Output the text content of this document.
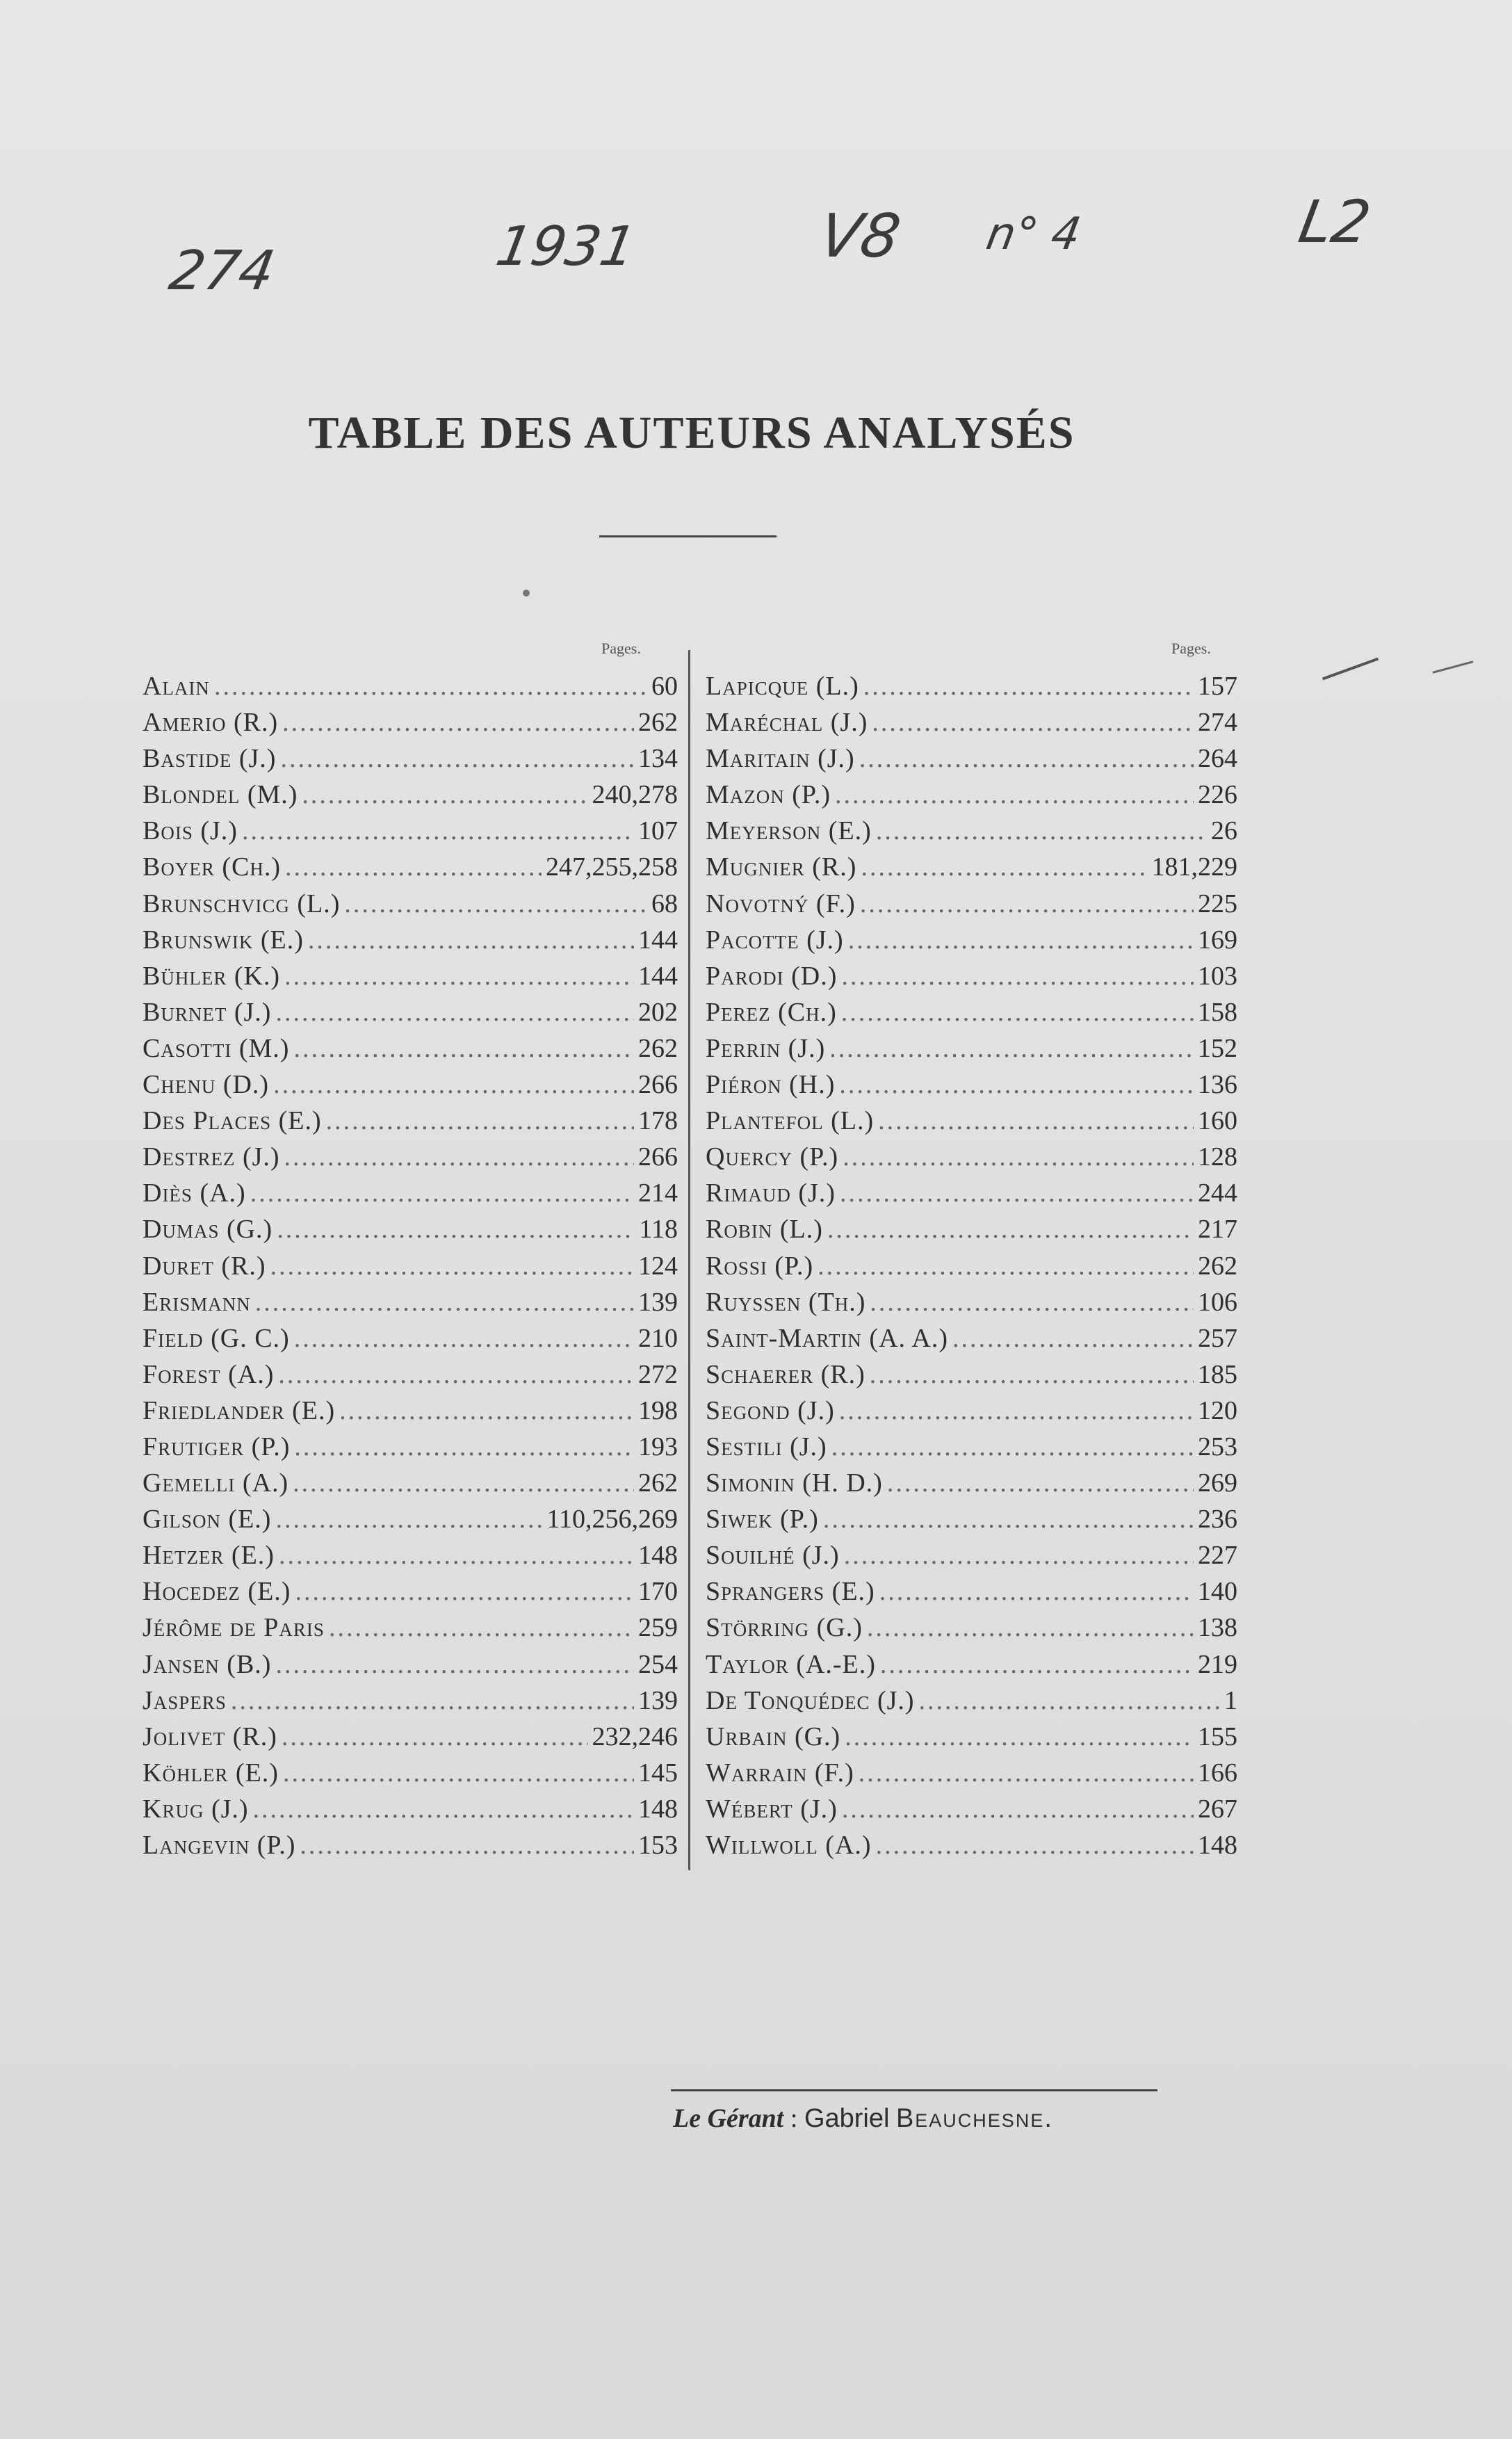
274	1931	V8 n° 4	L2
TABLE DES AUTEURS ANALYSÉS
Pages.	Pages.
Alain .....	60
Amerio (R.) .....	262
Bastide (J.) .....	134
Blondel (M.) .....	240,278
Bois (J.) .....	107
Boyer (Ch.) .....	247,255,258
Brunschvicg (L.) .....	68
Brunswik (E.) .....	144
Bühler (K.) .....	144
Burnet (J.) .....	202
Casotti (M.) .....	262
Chenu (D.) .....	266
Des Places (E.) .....	178
Destrez (J.) .....	266
Diès (A.) .....	214
Dumas (G.) .....	118
Duret (R.) .....	124
Erismann .....	139
Field (G. C.) .....	210
Forest (A.) .....	272
Friedlander (E.) .....	198
Frutiger (P.) .....	193
Gemelli (A.) .....	262
Gilson (E.) .....	110,256,269
Hetzer (E.) .....	148
Hocedez (E.) .....	170
Jérôme de Paris .....	259
Jansen (B.) .....	254
Jaspers .....	139
Jolivet (R.) .....	232,246
Köhler (E.) .....	145
Krug (J.) .....	148
Langevin (P.) .....	153
Lapicque (L.) .....	157
Maréchal (J.) .....	274
Maritain (J.) .....	264
Mazon (P.) .....	226
Meyerson (E.) .....	26
Mugnier (R.) .....	181,229
Novotný (F.) .....	225
Pacotte (J.) .....	169
Parodi (D.) .....	103
Perez (Ch.) .....	158
Perrin (J.) .....	152
Piéron (H.) .....	136
Plantefol (L.) .....	160
Quercy (P.) .....	128
Rimaud (J.) .....	244
Robin (L.) .....	217
Rossi (P.) .....	262
Ruyssen (Th.) .....	106
Saint-Martin (A. A.) .....	257
Schaerer (R.) .....	185
Segond (J.) .....	120
Sestili (J.) .....	253
Simonin (H. D.) .....	269
Siwek (P.) .....	236
Souilhé (J.) .....	227
Sprangers (E.) .....	140
Störring (G.) .....	138
Taylor (A.-E.) .....	219
De Tonquédec (J.) .....	1
Urbain (G.) .....	155
Warrain (F.) .....	166
Wébert (J.) .....	267
Willwoll (A.) .....	148
Le Gérant : Gabriel Beauchesne.
